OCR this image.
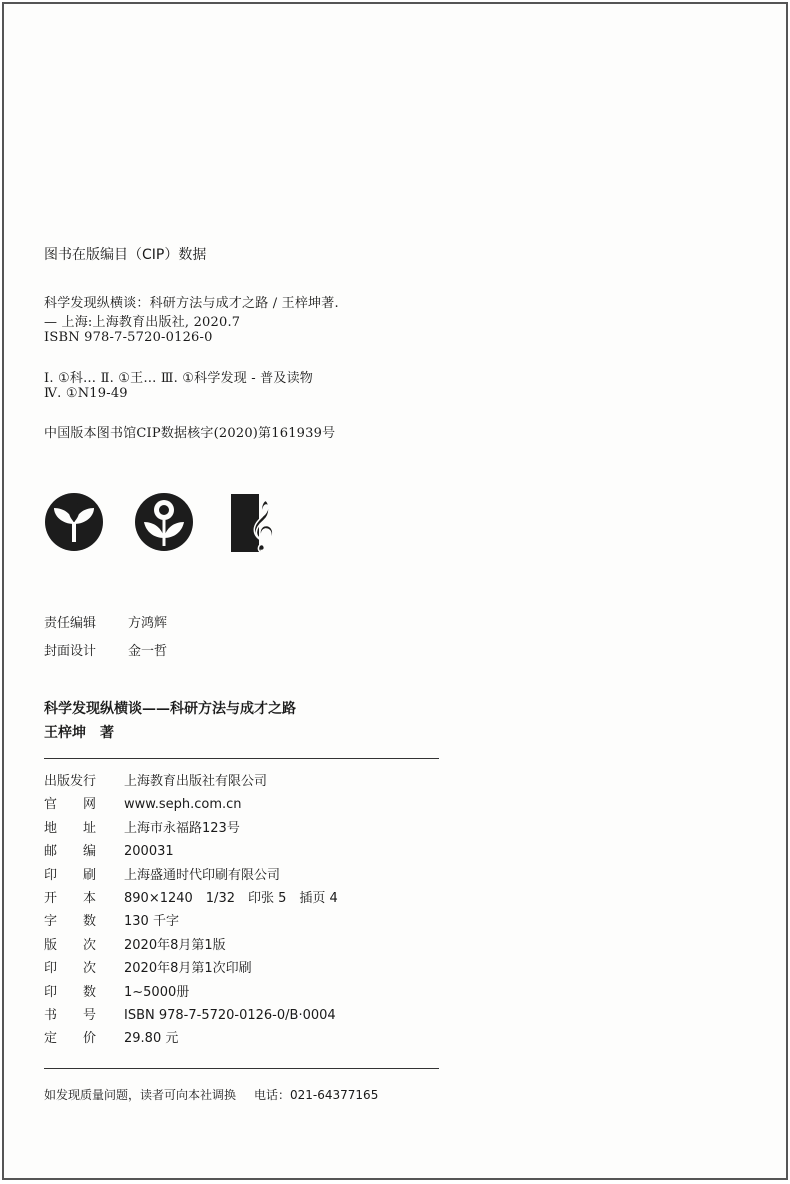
图书在版编目（CIP）数据
科学发现纵横谈：科研方法与成才之路 / 王梓坤著.
— 上海:上海教育出版社, 2020.7
ISBN 978-7-5720-0126-0
Ⅰ. ①科… Ⅱ. ①王… Ⅲ. ①科学发现 - 普及读物
Ⅳ. ①N19-49
中国版本图书馆CIP数据核字(2020)第161939号
𝄞
责任编辑 方鸿辉
封面设计 金一哲
科学发现纵横谈——科研方法与成才之路
王梓坤　著
出版发行 上海教育出版社有限公司
官　　网 www.seph.com.cn
地　　址 上海市永福路123号
邮　　编 200031
印　　刷 上海盛通时代印刷有限公司
开　　本 890×1240　1/32　印张 5　插页 4
字　　数 130 千字
版　　次 2020年8月第1版
印　　次 2020年8月第1次印刷
印　　数 1~5000册
书　　号 ISBN 978-7-5720-0126-0/B·0004
定　　价 29.80 元
如发现质量问题，读者可向本社调换 电话：021-64377165
